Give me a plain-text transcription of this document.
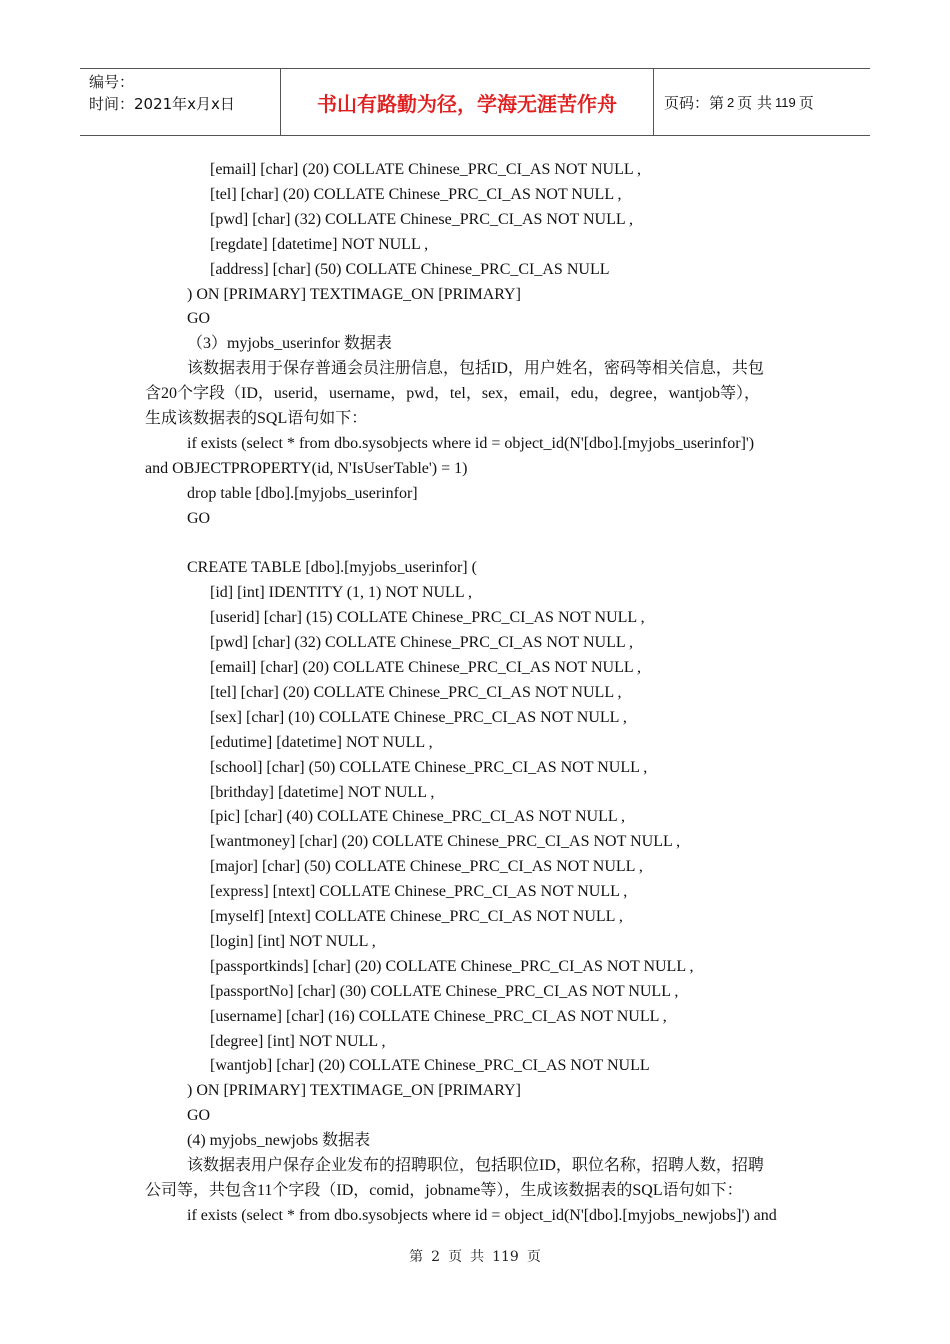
编号：
时间：2021年x月x日	书山有路勤为径，学海无涯苦作舟	页码：第 2 页 共 119 页
[email] [char] (20) COLLATE Chinese_PRC_CI_AS NOT NULL ,
[tel] [char] (20) COLLATE Chinese_PRC_CI_AS NOT NULL ,
[pwd] [char] (32) COLLATE Chinese_PRC_CI_AS NOT NULL ,
[regdate] [datetime] NOT NULL ,
[address] [char] (50) COLLATE Chinese_PRC_CI_AS NULL
) ON [PRIMARY] TEXTIMAGE_ON [PRIMARY]
GO
（3）myjobs_userinfor 数据表
该数据表用于保存普通会员注册信息，包括ID，用户姓名，密码等相关信息，共包
含20个字段（ID，userid，username，pwd，tel，sex，email，edu，degree，wantjob等），
生成该数据表的SQL语句如下：
if exists (select * from dbo.sysobjects where id = object_id(N'[dbo].[myjobs_userinfor]')
and OBJECTPROPERTY(id, N'IsUserTable') = 1)
drop table [dbo].[myjobs_userinfor]
GO
CREATE TABLE [dbo].[myjobs_userinfor] (
[id] [int] IDENTITY (1, 1) NOT NULL ,
[userid] [char] (15) COLLATE Chinese_PRC_CI_AS NOT NULL ,
[pwd] [char] (32) COLLATE Chinese_PRC_CI_AS NOT NULL ,
[email] [char] (20) COLLATE Chinese_PRC_CI_AS NOT NULL ,
[tel] [char] (20) COLLATE Chinese_PRC_CI_AS NOT NULL ,
[sex] [char] (10) COLLATE Chinese_PRC_CI_AS NOT NULL ,
[edutime] [datetime] NOT NULL ,
[school] [char] (50) COLLATE Chinese_PRC_CI_AS NOT NULL ,
[brithday] [datetime] NOT NULL ,
[pic] [char] (40) COLLATE Chinese_PRC_CI_AS NOT NULL ,
[wantmoney] [char] (20) COLLATE Chinese_PRC_CI_AS NOT NULL ,
[major] [char] (50) COLLATE Chinese_PRC_CI_AS NOT NULL ,
[express] [ntext] COLLATE Chinese_PRC_CI_AS NOT NULL ,
[myself] [ntext] COLLATE Chinese_PRC_CI_AS NOT NULL ,
[login] [int] NOT NULL ,
[passportkinds] [char] (20) COLLATE Chinese_PRC_CI_AS NOT NULL ,
[passportNo] [char] (30) COLLATE Chinese_PRC_CI_AS NOT NULL ,
[username] [char] (16) COLLATE Chinese_PRC_CI_AS NOT NULL ,
[degree] [int] NOT NULL ,
[wantjob] [char] (20) COLLATE Chinese_PRC_CI_AS NOT NULL
) ON [PRIMARY] TEXTIMAGE_ON [PRIMARY]
GO
(4) myjobs_newjobs 数据表
该数据表用户保存企业发布的招聘职位，包括职位ID，职位名称，招聘人数，招聘
公司等，共包含11个字段（ID，comid，jobname等），生成该数据表的SQL语句如下：
if exists (select * from dbo.sysobjects where id = object_id(N'[dbo].[myjobs_newjobs]') and
第 2 页 共 119 页
